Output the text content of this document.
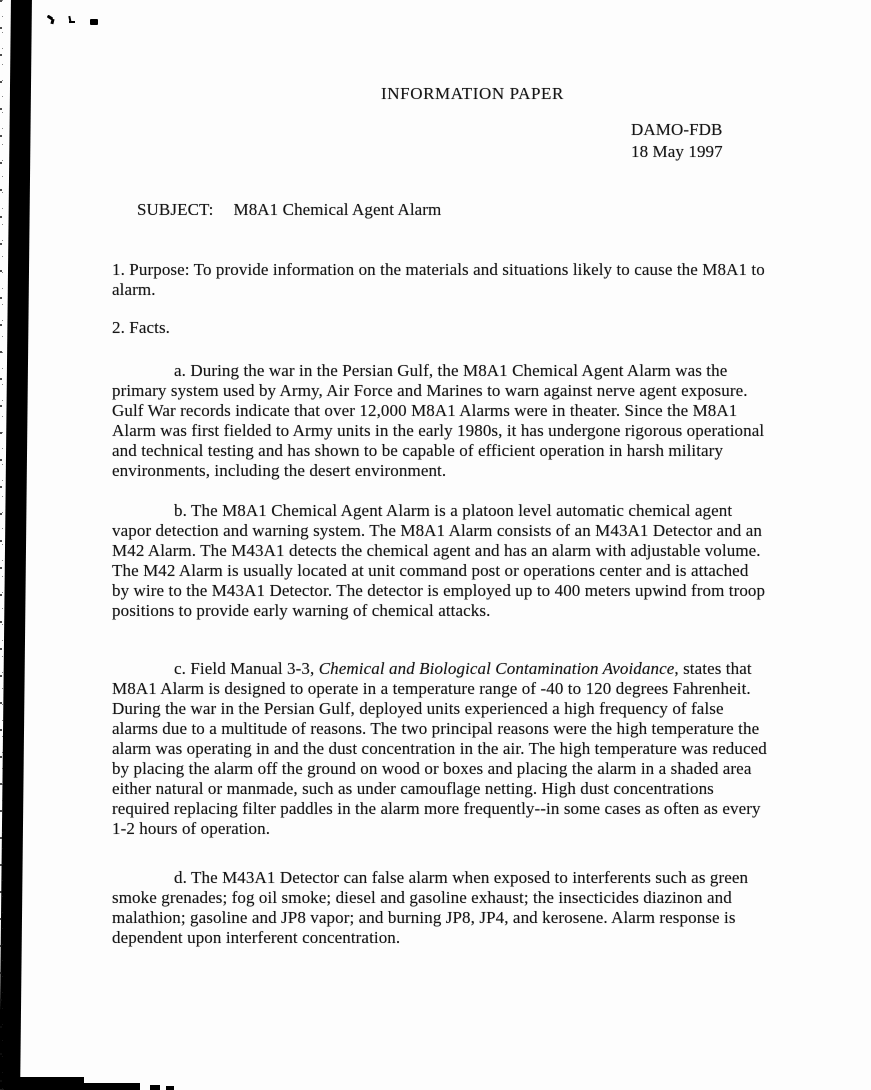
INFORMATION PAPER
DAMO-FDB
18 May 1997
SUBJECT: M8A1 Chemical Agent Alarm

1. Purpose: To provide information on the materials and situations likely to cause the M8A1 to alarm.

2. Facts.

a. During the war in the Persian Gulf, the M8A1 Chemical Agent Alarm was the primary system used by Army, Air Force and Marines to warn against nerve agent exposure. Gulf War records indicate that over 12,000 M8A1 Alarms were in theater. Since the M8A1 Alarm was first fielded to Army units in the early 1980s, it has undergone rigorous operational and technical testing and has shown to be capable of efficient operation in harsh military environments, including the desert environment.

b. The M8A1 Chemical Agent Alarm is a platoon level automatic chemical agent vapor detection and warning system. The M8A1 Alarm consists of an M43A1 Detector and an M42 Alarm. The M43A1 detects the chemical agent and has an alarm with adjustable volume. The M42 Alarm is usually located at unit command post or operations center and is attached by wire to the M43A1 Detector. The detector is employed up to 400 meters upwind from troop positions to provide early warning of chemical attacks.

c. Field Manual 3-3, Chemical and Biological Contamination Avoidance, states that M8A1 Alarm is designed to operate in a temperature range of -40 to 120 degrees Fahrenheit. During the war in the Persian Gulf, deployed units experienced a high frequency of false alarms due to a multitude of reasons. The two principal reasons were the high temperature the alarm was operating in and the dust concentration in the air. The high temperature was reduced by placing the alarm off the ground on wood or boxes and placing the alarm in a shaded area either natural or manmade, such as under camouflage netting. High dust concentrations required replacing filter paddles in the alarm more frequently--in some cases as often as every 1-2 hours of operation.

d. The M43A1 Detector can false alarm when exposed to interferents such as green smoke grenades; fog oil smoke; diesel and gasoline exhaust; the insecticides diazinon and malathion; gasoline and JP8 vapor; and burning JP8, JP4, and kerosene. Alarm response is dependent upon interferent concentration.
